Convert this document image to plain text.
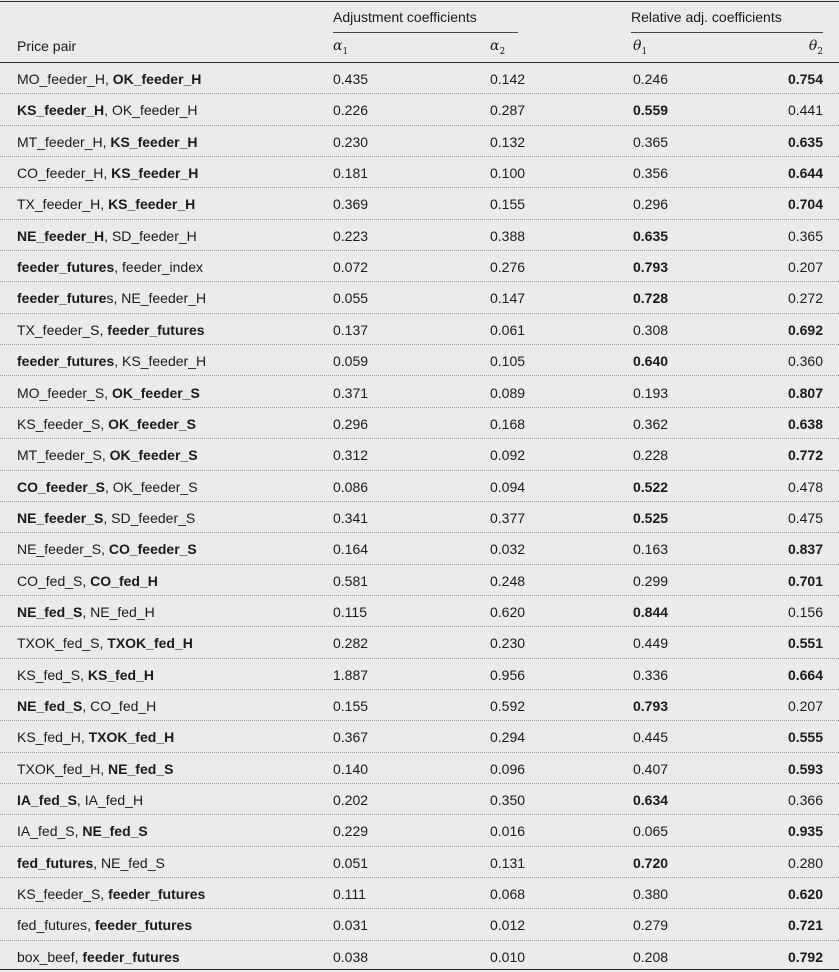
Adjustment coefficients	Relative adj. coefficients
Price pair	$\alpha_1$	$\alpha_2$	$\theta_1$	$\theta_2$
MO_feeder_H, OK_feeder_H	0.435	0.142	0.246	0.754
KS_feeder_H, OK_feeder_H	0.226	0.287	0.559	0.441
MT_feeder_H, KS_feeder_H	0.230	0.132	0.365	0.635
CO_feeder_H, KS_feeder_H	0.181	0.100	0.356	0.644
TX_feeder_H, KS_feeder_H	0.369	0.155	0.296	0.704
NE_feeder_H, SD_feeder_H	0.223	0.388	0.635	0.365
feeder_futures, feeder_index	0.072	0.276	0.793	0.207
feeder_futures, NE_feeder_H	0.055	0.147	0.728	0.272
TX_feeder_S, feeder_futures	0.137	0.061	0.308	0.692
feeder_futures, KS_feeder_H	0.059	0.105	0.640	0.360
MO_feeder_S, OK_feeder_S	0.371	0.089	0.193	0.807
KS_feeder_S, OK_feeder_S	0.296	0.168	0.362	0.638
MT_feeder_S, OK_feeder_S	0.312	0.092	0.228	0.772
CO_feeder_S, OK_feeder_S	0.086	0.094	0.522	0.478
NE_feeder_S, SD_feeder_S	0.341	0.377	0.525	0.475
NE_feeder_S, CO_feeder_S	0.164	0.032	0.163	0.837
CO_fed_S, CO_fed_H	0.581	0.248	0.299	0.701
NE_fed_S, NE_fed_H	0.115	0.620	0.844	0.156
TXOK_fed_S, TXOK_fed_H	0.282	0.230	0.449	0.551
KS_fed_S, KS_fed_H	1.887	0.956	0.336	0.664
NE_fed_S, CO_fed_H	0.155	0.592	0.793	0.207
KS_fed_H, TXOK_fed_H	0.367	0.294	0.445	0.555
TXOK_fed_H, NE_fed_S	0.140	0.096	0.407	0.593
IA_fed_S, IA_fed_H	0.202	0.350	0.634	0.366
IA_fed_S, NE_fed_S	0.229	0.016	0.065	0.935
fed_futures, NE_fed_S	0.051	0.131	0.720	0.280
KS_feeder_S, feeder_futures	0.111	0.068	0.380	0.620
fed_futures, feeder_futures	0.031	0.012	0.279	0.721
box_beef, feeder_futures	0.038	0.010	0.208	0.792
